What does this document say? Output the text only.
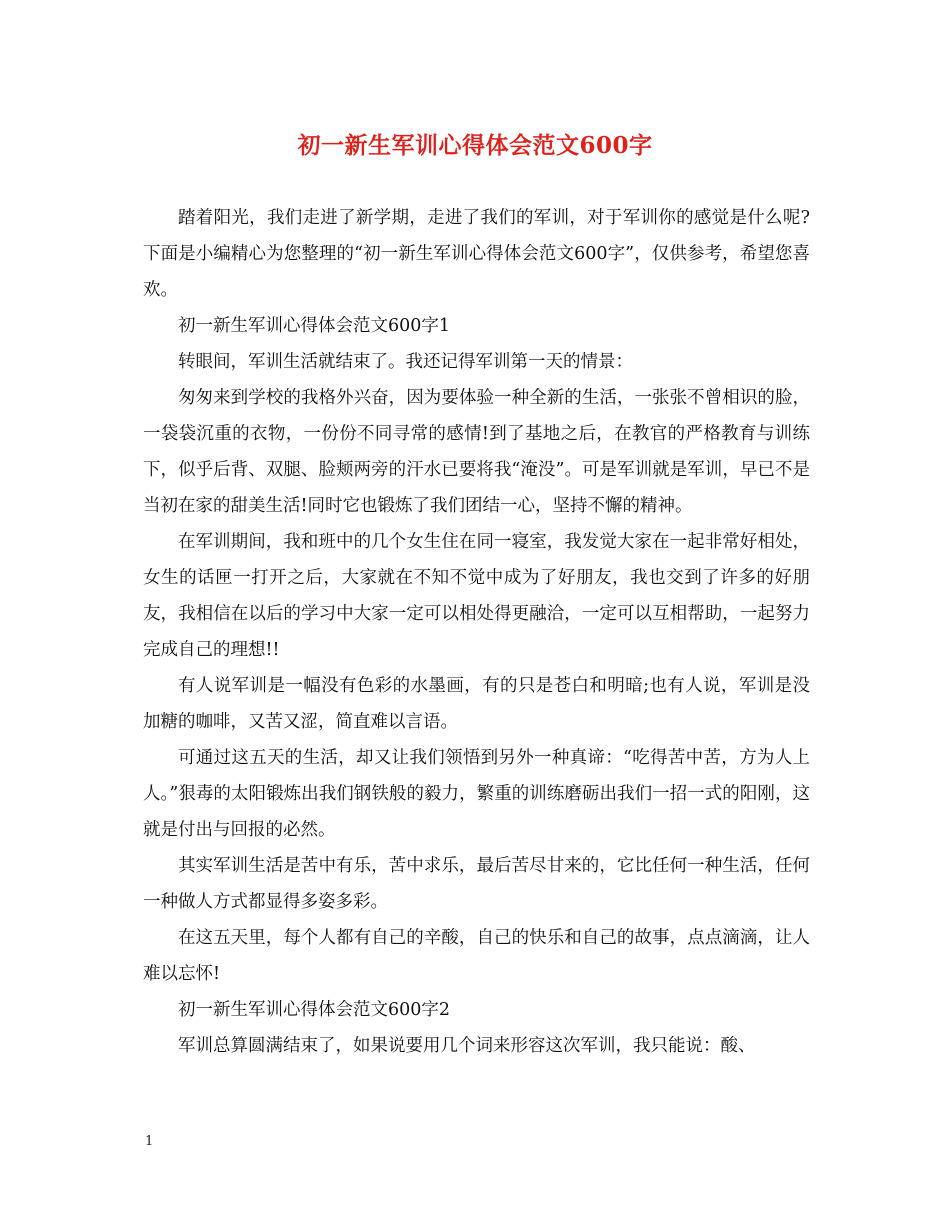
初一新生军训心得体会范文600字

踏着阳光，我们走进了新学期，走进了我们的军训，对于军训你的感觉是什么呢?下面是小编精心为您整理的“初一新生军训心得体会范文600字”，仅供参考，希望您喜欢。

初一新生军训心得体会范文600字1

转眼间，军训生活就结束了。我还记得军训第一天的情景：

匆匆来到学校的我格外兴奋，因为要体验一种全新的生活，一张张不曾相识的脸，一袋袋沉重的衣物，一份份不同寻常的感情!到了基地之后，在教官的严格教育与训练下，似乎后背、双腿、脸颊两旁的汗水已要将我“淹没”。可是军训就是军训，早已不是当初在家的甜美生活!同时它也锻炼了我们团结一心，坚持不懈的精神。

在军训期间，我和班中的几个女生住在同一寝室，我发觉大家在一起非常好相处，女生的话匣一打开之后，大家就在不知不觉中成为了好朋友，我也交到了许多的好朋友，我相信在以后的学习中大家一定可以相处得更融洽，一定可以互相帮助，一起努力完成自己的理想!!

有人说军训是一幅没有色彩的水墨画，有的只是苍白和明暗;也有人说，军训是没加糖的咖啡，又苦又涩，简直难以言语。

可通过这五天的生活，却又让我们领悟到另外一种真谛：“吃得苦中苦，方为人上人。”狠毒的太阳锻炼出我们钢铁般的毅力，繁重的训练磨砺出我们一招一式的阳刚，这就是付出与回报的必然。

其实军训生活是苦中有乐，苦中求乐，最后苦尽甘来的，它比任何一种生活，任何一种做人方式都显得多姿多彩。

在这五天里，每个人都有自己的辛酸，自己的快乐和自己的故事，点点滴滴，让人难以忘怀!

初一新生军训心得体会范文600字2

军训总算圆满结束了，如果说要用几个词来形容这次军训，我只能说：酸、

1
